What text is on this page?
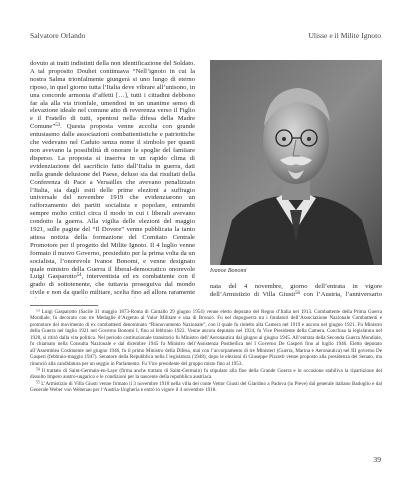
Salvatore Orlando	Ulisse e il Milite Ignoto

dovuto ai tratti indistinti della non identificazione del Soldato. A tal proposito Douhet continuava “Nell’ignoto in cui la nostra Salma trionfalmente giungerà si uno lungo di eterno riposo, in quel giorno tutta l’Italia deve vibrare all’unisono, in una concorde armonia d’affetti […], tutti i cittadini debbono far ala alla via trionfale, umendosi in un unanime senso di elevazione ideale nel comune atto di reverenza verso il Figlio e il Fratello di tutti, spentosi nella difesa della Madre Comune”$^{53}$. Questa proposta venne accolta con grande entusiasmo dalle associazioni combattentistiche e patriottiche che vedevano nel Caduto senza nome il simbolo per quanti non avevano la possibilità di onorare le spoglie del famiiare disperso. La proposta si inseriva in un rapido clima di evidenziazione del sacrificio fatto dall’Italia in guerra, dati nella grande delusione del Paese, deluso sia dai risultati della Conferenza di Pace a Versailles che avevano penalizzato l’Italia, sia dagli esiti delle prime elezioni a suffragio universale del novembre 1919 che evidenziarono un rafforzamento dei partiti socialista e popolare, entrambi sempre molto critici circa il modo in cui i liberali avevano condotto la guerra. Alla vigilia delle elezioni del maggio 1921, sulle pagine del “Il Dovere” venne pubblicata la tanto attesa notizia della formazione del Comitato Centrale Promotore per il progetto del Milite Ignoto. Il 4 luglio venne formato il nuovo Governo, presieduto per la prima volta da un socialista, l’onorevole Ivanoe Bonomi, e venne designato quale ministro della Guerra il liberal-democratico onorevole Luigi Gasparotto$^{54}$, interventista ed ex combattente con il grado di sottotenente, che tuttavia proseguiva dal mondo civile e non da quello militare, scelta fino ad allora raramente

Ivanoe Bonomi

nata del 4 novembre, giorno dell’entrata in vigore dell’Armistizio di Villa Giusti$^{56}$ con l’Austria, l’anniversario

$^{53}$ Luigi Gasparotto (Sacile 31 maggio 1873-Roma di Cantallo 29 giugno 1954) venne eletto deputato del Regno d’Italia nel 1913. Combattente della Prima Guerra Mondiale, fu decorato con tre Medaglie d’Argento al Valor Militare e una di Bronzo. Fu nel dopoguerra tra i fondatori dell’Associazione Nazionale Combattenti e promotore del movimento di ex combattenti denominato “Rinnovamento Nazionale”, con il quale fu rieletto alla Camera nel 1919 e ancora nel giugno 1921. Fu Ministro della Guerra nel luglio 1921 nel Governo Bonomi I, fino al febbraio 1922. Venne ancora deputato nel 1924, fu Vice Presidente della Camera. Conclusa la legislatura nel 1928, si ritirò dalla vita politica. Nel periodo costituzionale transitorio fu Ministro dell’Aeronautica dal giugno al giugno 1945. All’entrata della Seconda Guerra Mondiale, fu chiamato nella Consulta Nazionale e dal dicembre 1945 fu Ministro dell’Assistenza Postbellica nel I Governo De Gasperi fino al luglio 1946. Eletto deputato all’Assemblea Costituente nel giugno 1946, fu il primo Ministro della Difesa, mai con l’accorpamento di tre Ministeri (Guerra, Marina e Aeronautica) nel III governo De Gasperi (febbraio-maggio 1947). Senatore della Repubblica nella I legislatura (1948), dopo le elezioni di Giuseppe Pizzotti venne proposto alla presidenza del Senato, ma rinunciò alla candidatura per un seggio in Parlamento. Fu Vice presidente del gruppo misto fino al 1953.

$^{54}$ Il trattato di Saint-Germain-en-Laye (firma anche trattato di Saint-Germain) fu stipulato alla fine della Grande Guerra e in occasione stabiliva la ripartizione del dissolto Impero austro-ungarico e le condizioni per la nascente della repubblica austriaca.

$^{55}$ L’Armistizio di Villa Giusti venne firmato il 3 novembre 1918 nella villa del conte Vettor Giusti del Giardino a Padova (in Pieve) dal generale italiano Badoglio e dal Generale Weber von Webenau per l’Austria-Ungheria e entrò in vigore il 4 novembre 1918.

39
